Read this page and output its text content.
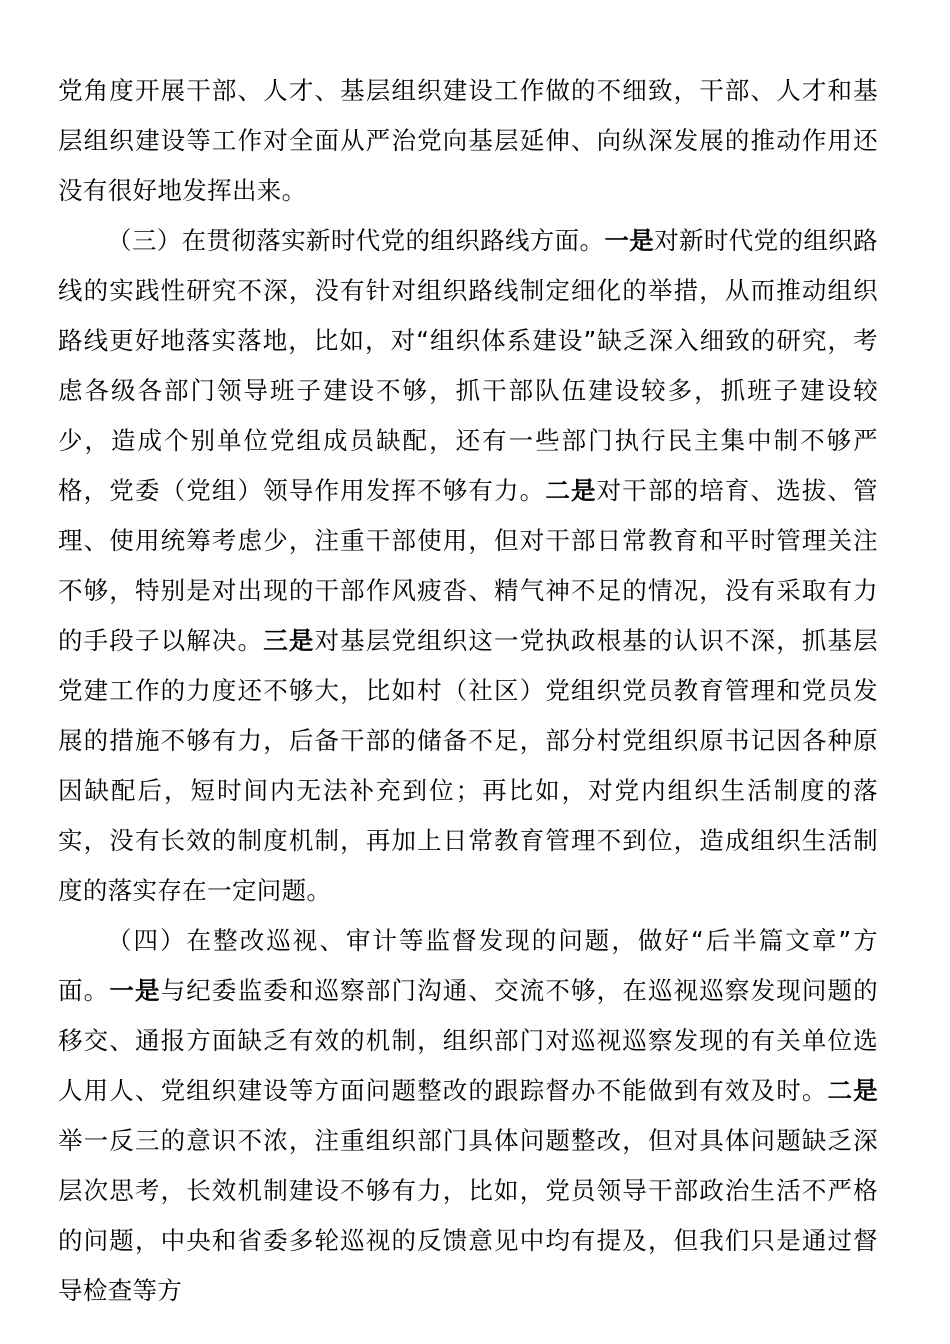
党角度开展干部、人才、基层组织建设工作做的不细致，干部、人才和基层组织建设等工作对全面从严治党向基层延伸、向纵深发展的推动作用还没有很好地发挥出来。

（三）在贯彻落实新时代党的组织路线方面。一是对新时代党的组织路线的实践性研究不深，没有针对组织路线制定细化的举措，从而推动组织路线更好地落实落地，比如，对“组织体系建设”缺乏深入细致的研究，考虑各级各部门领导班子建设不够，抓干部队伍建设较多，抓班子建设较少，造成个别单位党组成员缺配，还有一些部门执行民主集中制不够严格，党委（党组）领导作用发挥不够有力。二是对干部的培育、选拔、管理、使用统筹考虑少，注重干部使用，但对干部日常教育和平时管理关注不够，特别是对出现的干部作风疲沓、精气神不足的情况，没有采取有力的手段子以解决。三是对基层党组织这一党执政根基的认识不深，抓基层党建工作的力度还不够大，比如村（社区）党组织党员教育管理和党员发展的措施不够有力，后备干部的储备不足，部分村党组织原书记因各种原因缺配后，短时间内无法补充到位；再比如，对党内组织生活制度的落实，没有长效的制度机制，再加上日常教育管理不到位，造成组织生活制度的落实存在一定问题。

（四）在整改巡视、审计等监督发现的问题，做好“后半篇文章”方面。一是与纪委监委和巡察部门沟通、交流不够，在巡视巡察发现问题的移交、通报方面缺乏有效的机制，组织部门对巡视巡察发现的有关单位选人用人、党组织建设等方面问题整改的跟踪督办不能做到有效及时。二是举一反三的意识不浓，注重组织部门具体问题整改，但对具体问题缺乏深层次思考，长效机制建设不够有力，比如，党员领导干部政治生活不严格的问题，中央和省委多轮巡视的反馈意见中均有提及，但我们只是通过督导检查等方
